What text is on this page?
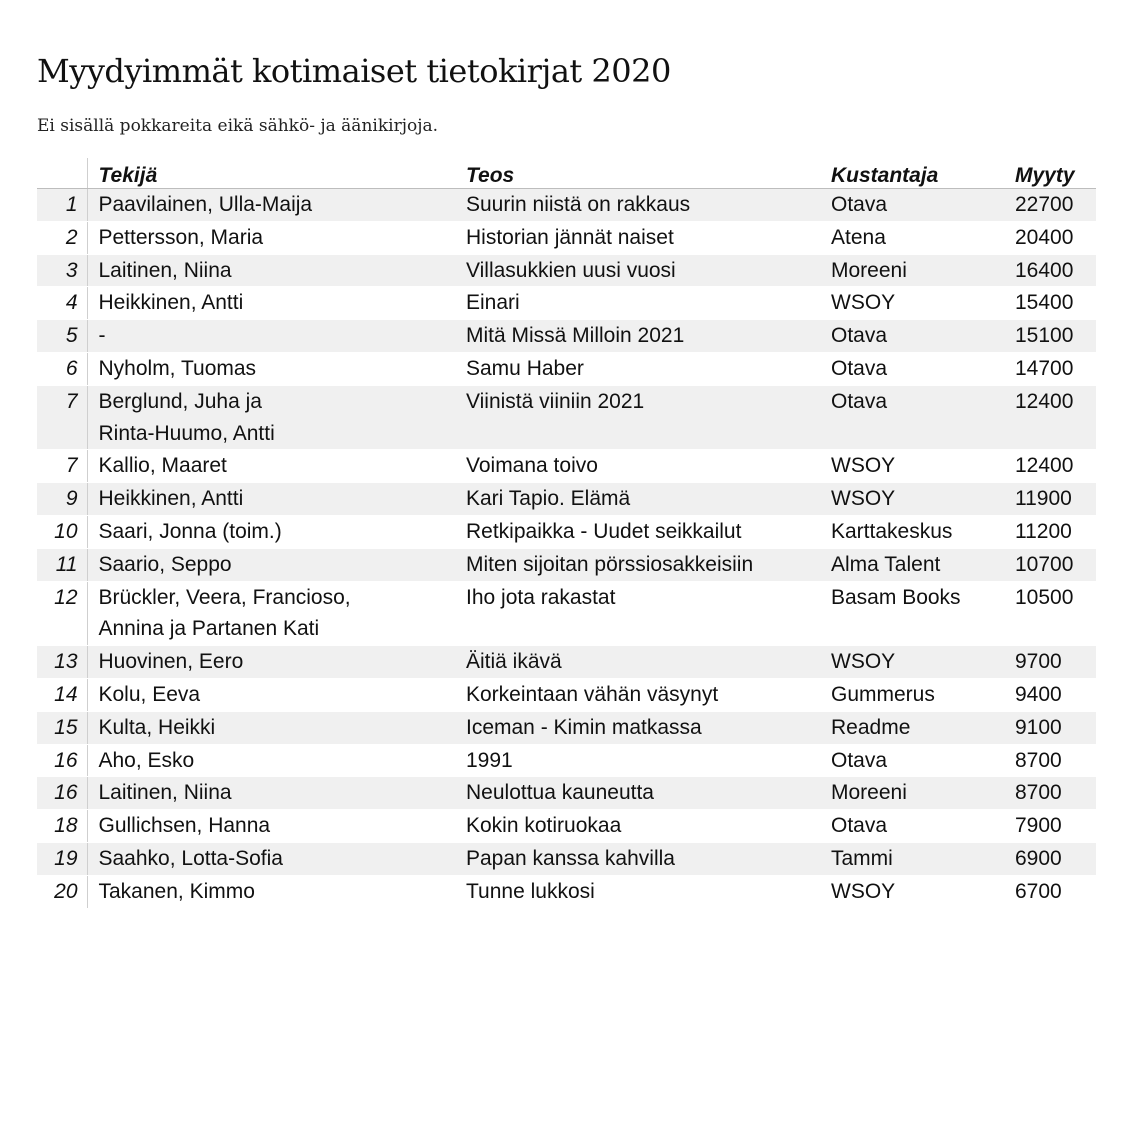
Myydyimmät kotimaiset tietokirjat 2020

Ei sisällä pokkareita eikä sähkö- ja äänikirjoja.

	Tekijä	Teos	Kustantaja	Myyty
1	Paavilainen, Ulla-Maija	Suurin niistä on rakkaus	Otava	22700
2	Pettersson, Maria	Historian jännät naiset	Atena	20400
3	Laitinen, Niina	Villasukkien uusi vuosi	Moreeni	16400
4	Heikkinen, Antti	Einari	WSOY	15400
5	-	Mitä Missä Milloin 2021	Otava	15100
6	Nyholm, Tuomas	Samu Haber	Otava	14700
7	Berglund, Juha ja
Rinta-Huumo, Antti	Viinistä viiniin 2021	Otava	12400
7	Kallio, Maaret	Voimana toivo	WSOY	12400
9	Heikkinen, Antti	Kari Tapio. Elämä	WSOY	11900
10	Saari, Jonna (toim.)	Retkipaikka - Uudet seikkailut	Karttakeskus	11200
11	Saario, Seppo	Miten sijoitan pörssiosakkeisiin	Alma Talent	10700
12	Brückler, Veera, Francioso,
Annina ja Partanen Kati	Iho jota rakastat	Basam Books	10500
13	Huovinen, Eero	Äitiä ikävä	WSOY	9700
14	Kolu, Eeva	Korkeintaan vähän väsynyt	Gummerus	9400
15	Kulta, Heikki	Iceman - Kimin matkassa	Readme	9100
16	Aho, Esko	1991	Otava	8700
16	Laitinen, Niina	Neulottua kauneutta	Moreeni	8700
18	Gullichsen, Hanna	Kokin kotiruokaa	Otava	7900
19	Saahko, Lotta-Sofia	Papan kanssa kahvilla	Tammi	6900
20	Takanen, Kimmo	Tunne lukkosi	WSOY	6700
